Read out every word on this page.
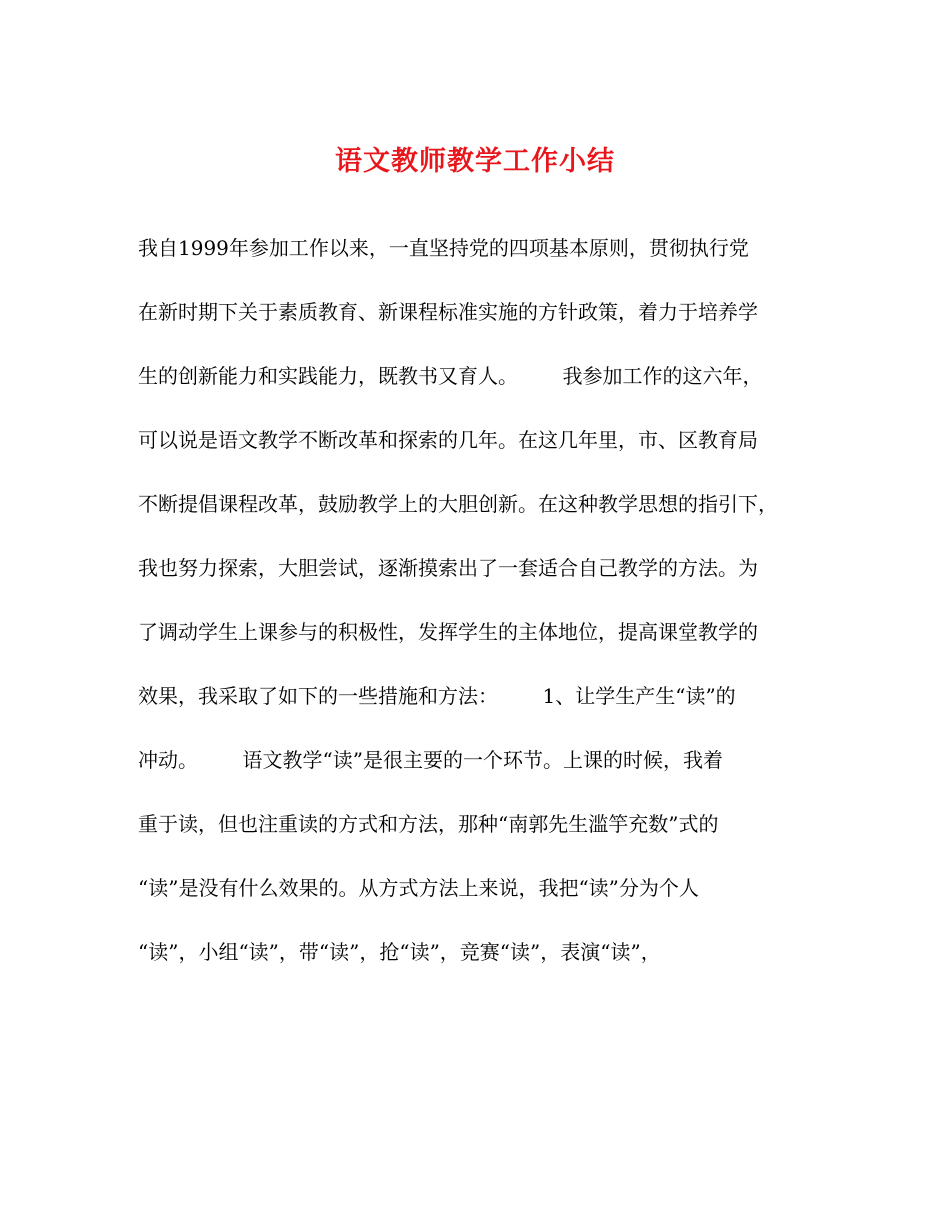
语文教师教学工作小结
我自1999年参加工作以来，一直坚持党的四项基本原则，贯彻执行党
在新时期下关于素质教育、新课程标准实施的方针政策，着力于培养学
生的创新能力和实践能力，既教书又育人。       我参加工作的这六年，
可以说是语文教学不断改革和探索的几年。在这几年里，市、区教育局
不断提倡课程改革，鼓励教学上的大胆创新。在这种教学思想的指引下，
我也努力探索，大胆尝试，逐渐摸索出了一套适合自己教学的方法。为
了调动学生上课参与的积极性，发挥学生的主体地位，提高课堂教学的
效果，我采取了如下的一些措施和方法：       1、让学生产生“读”的
冲动。       语文教学“读”是很主要的一个环节。上课的时候，我着
重于读，但也注重读的方式和方法，那种“南郭先生滥竽充数”式的
“读”是没有什么效果的。从方式方法上来说，我把“读”分为个人
“读”，小组“读”，带“读”，抢“读”，竞赛“读”，表演“读”，
